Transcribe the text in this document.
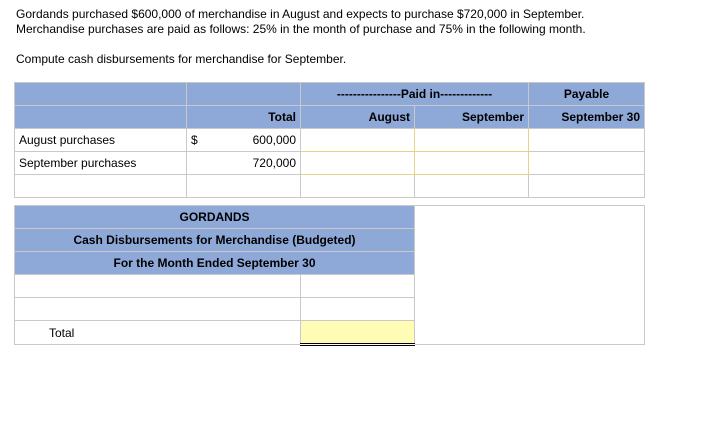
Gordands purchased $600,000 of merchandise in August and expects to purchase $720,000 in September.
Merchandise purchases are paid as follows: 25% in the month of purchase and 75% in the following month.
Compute cash disbursements for merchandise for September.
		----------------Paid in-------------		Payable
	Total	August	September	September 30
August purchases	$ 600,000			

September purchases	720,000			

GORDANDS		
Cash Disbursements for Merchandise (Budgeted)		
For the Month Ended September 30		

Total		
